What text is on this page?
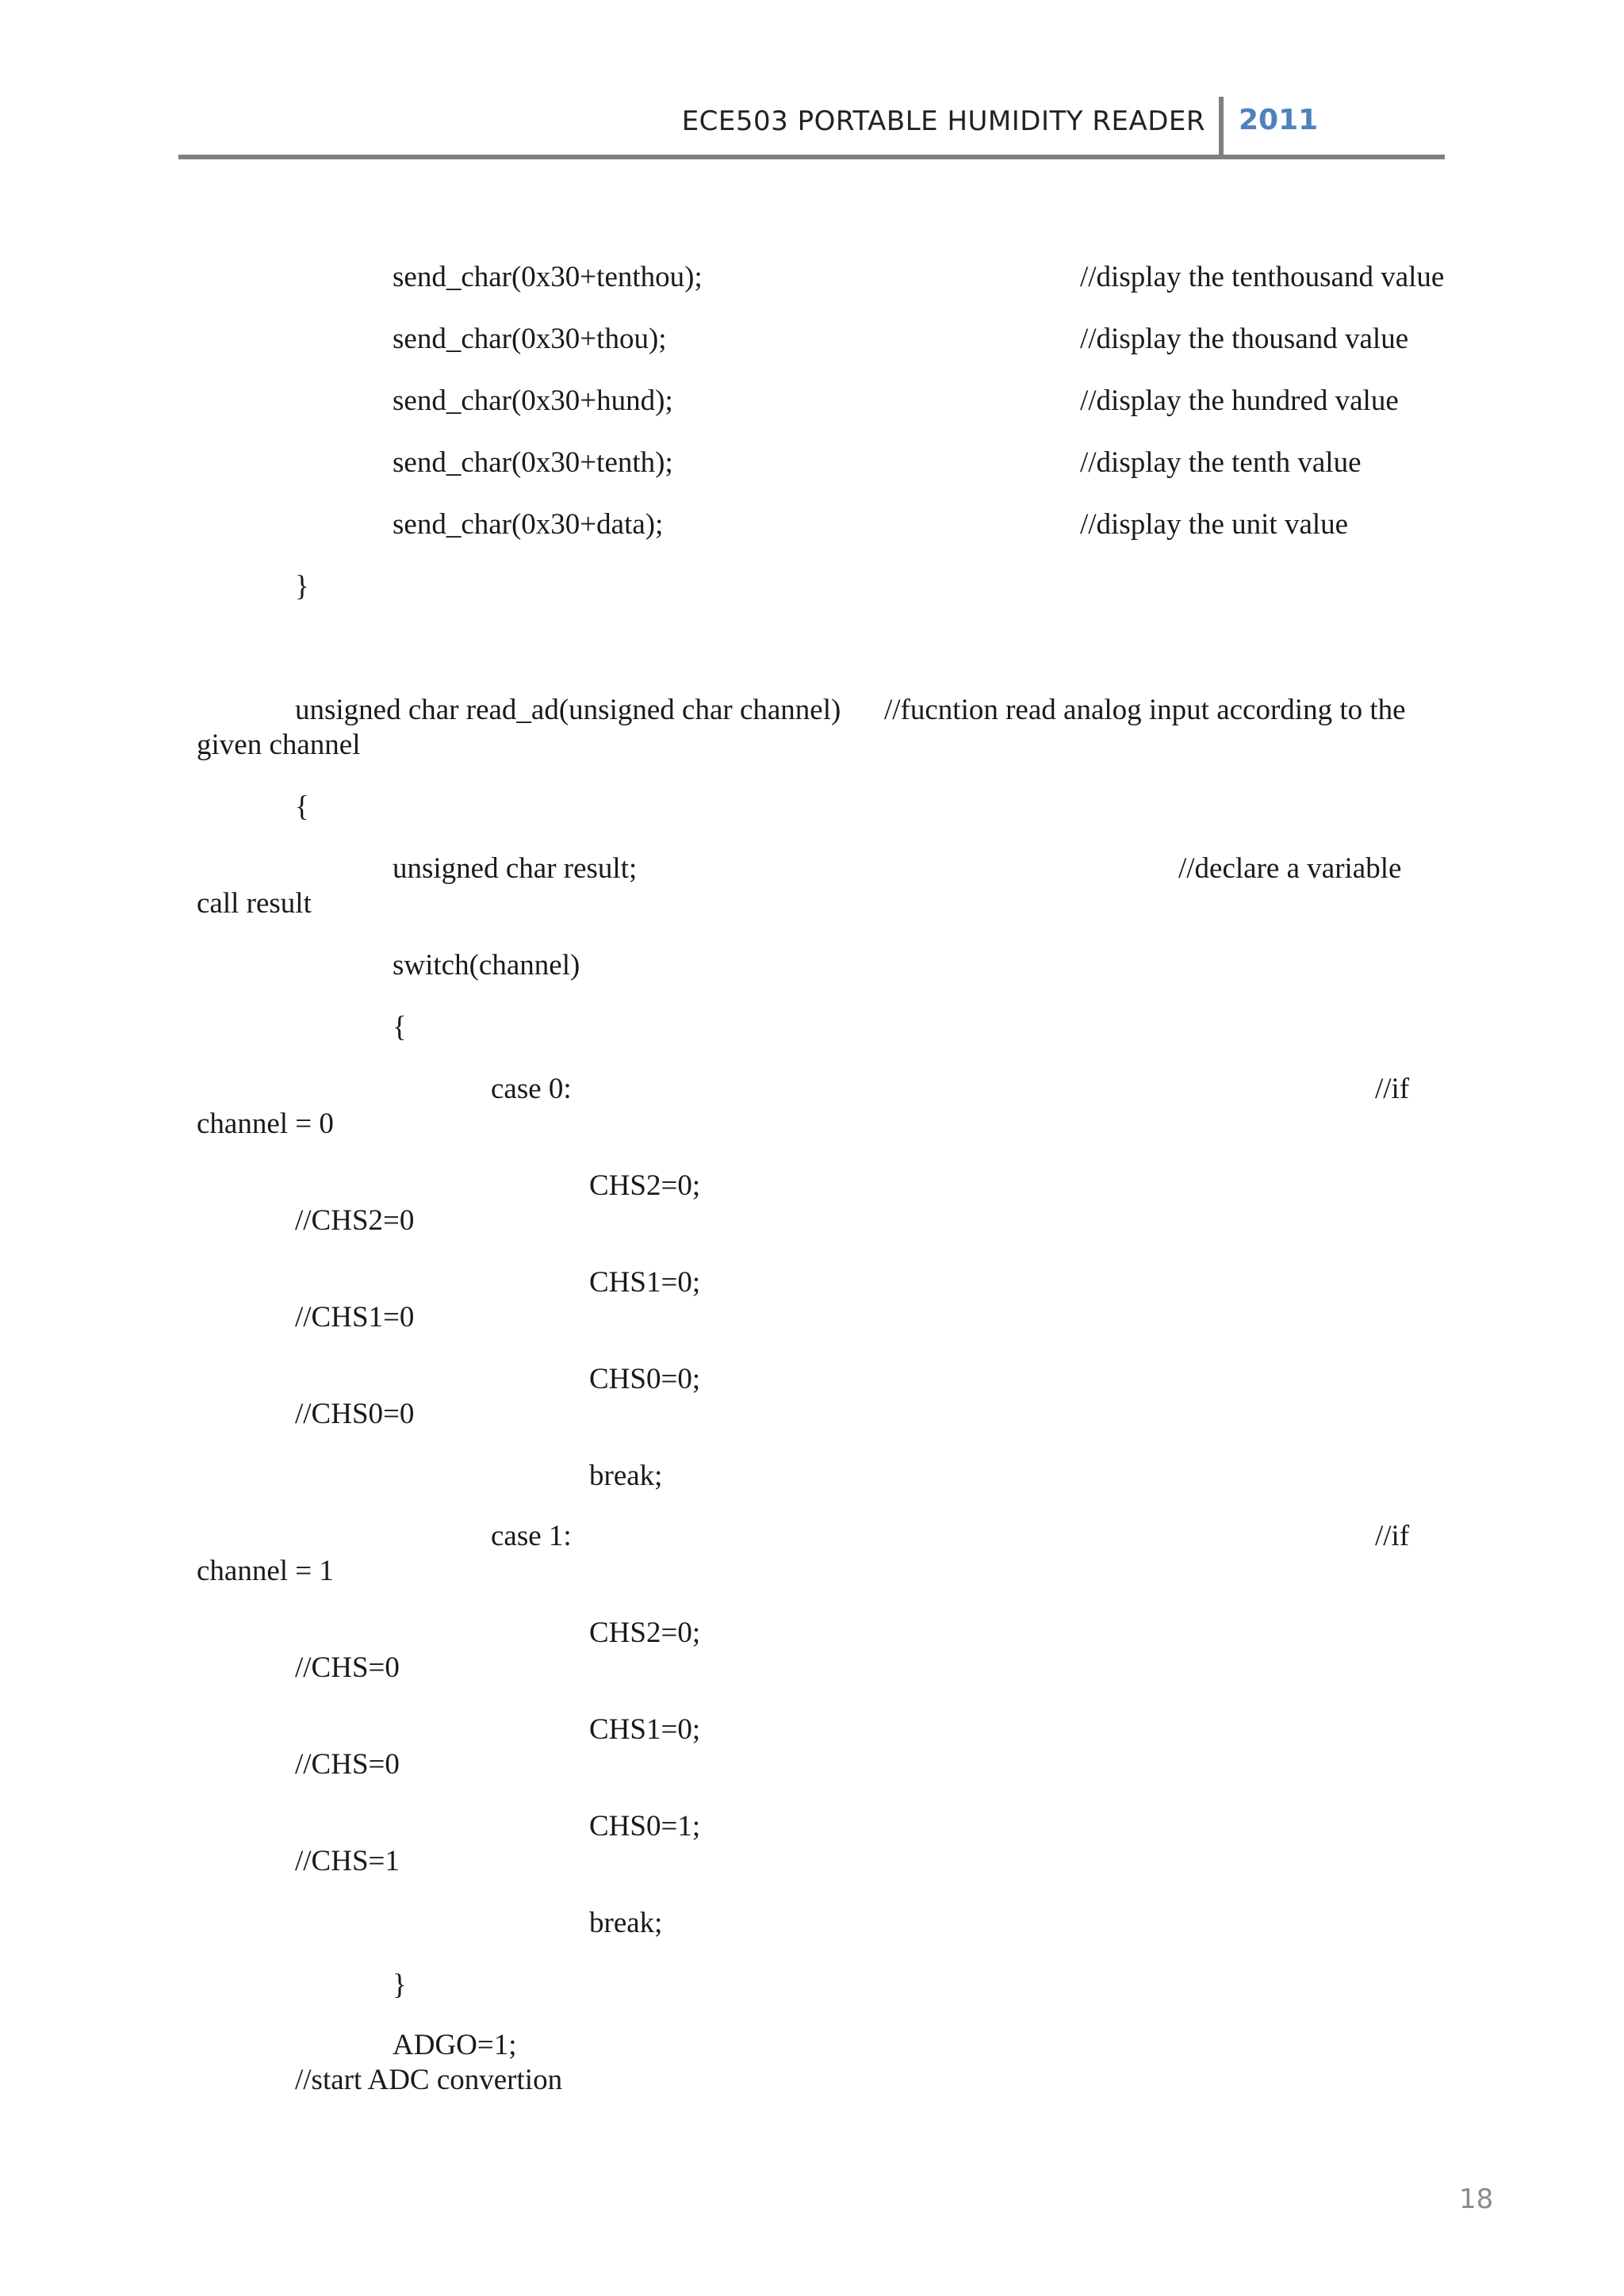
ECE503 PORTABLE HUMIDITY READER 2011
send_char(0x30+tenthou);	//display the tenthousand value
send_char(0x30+thou);	//display the thousand value
send_char(0x30+hund);	//display the hundred value
send_char(0x30+tenth);	//display the tenth value
send_char(0x30+data);	//display the unit value
}
unsigned char read_ad(unsigned char channel) //fucntion read analog input according to the
given channel
{
unsigned char result;	//declare a variable
call result
switch(channel)
{
case 0:	//if
channel = 0
CHS2=0;
//CHS2=0
CHS1=0;
//CHS1=0
CHS0=0;
//CHS0=0
break;
case 1:	//if
channel = 1
CHS2=0;
//CHS=0
CHS1=0;
//CHS=0
CHS0=1;
//CHS=1
break;
}
ADGO=1;
//start ADC convertion
18
